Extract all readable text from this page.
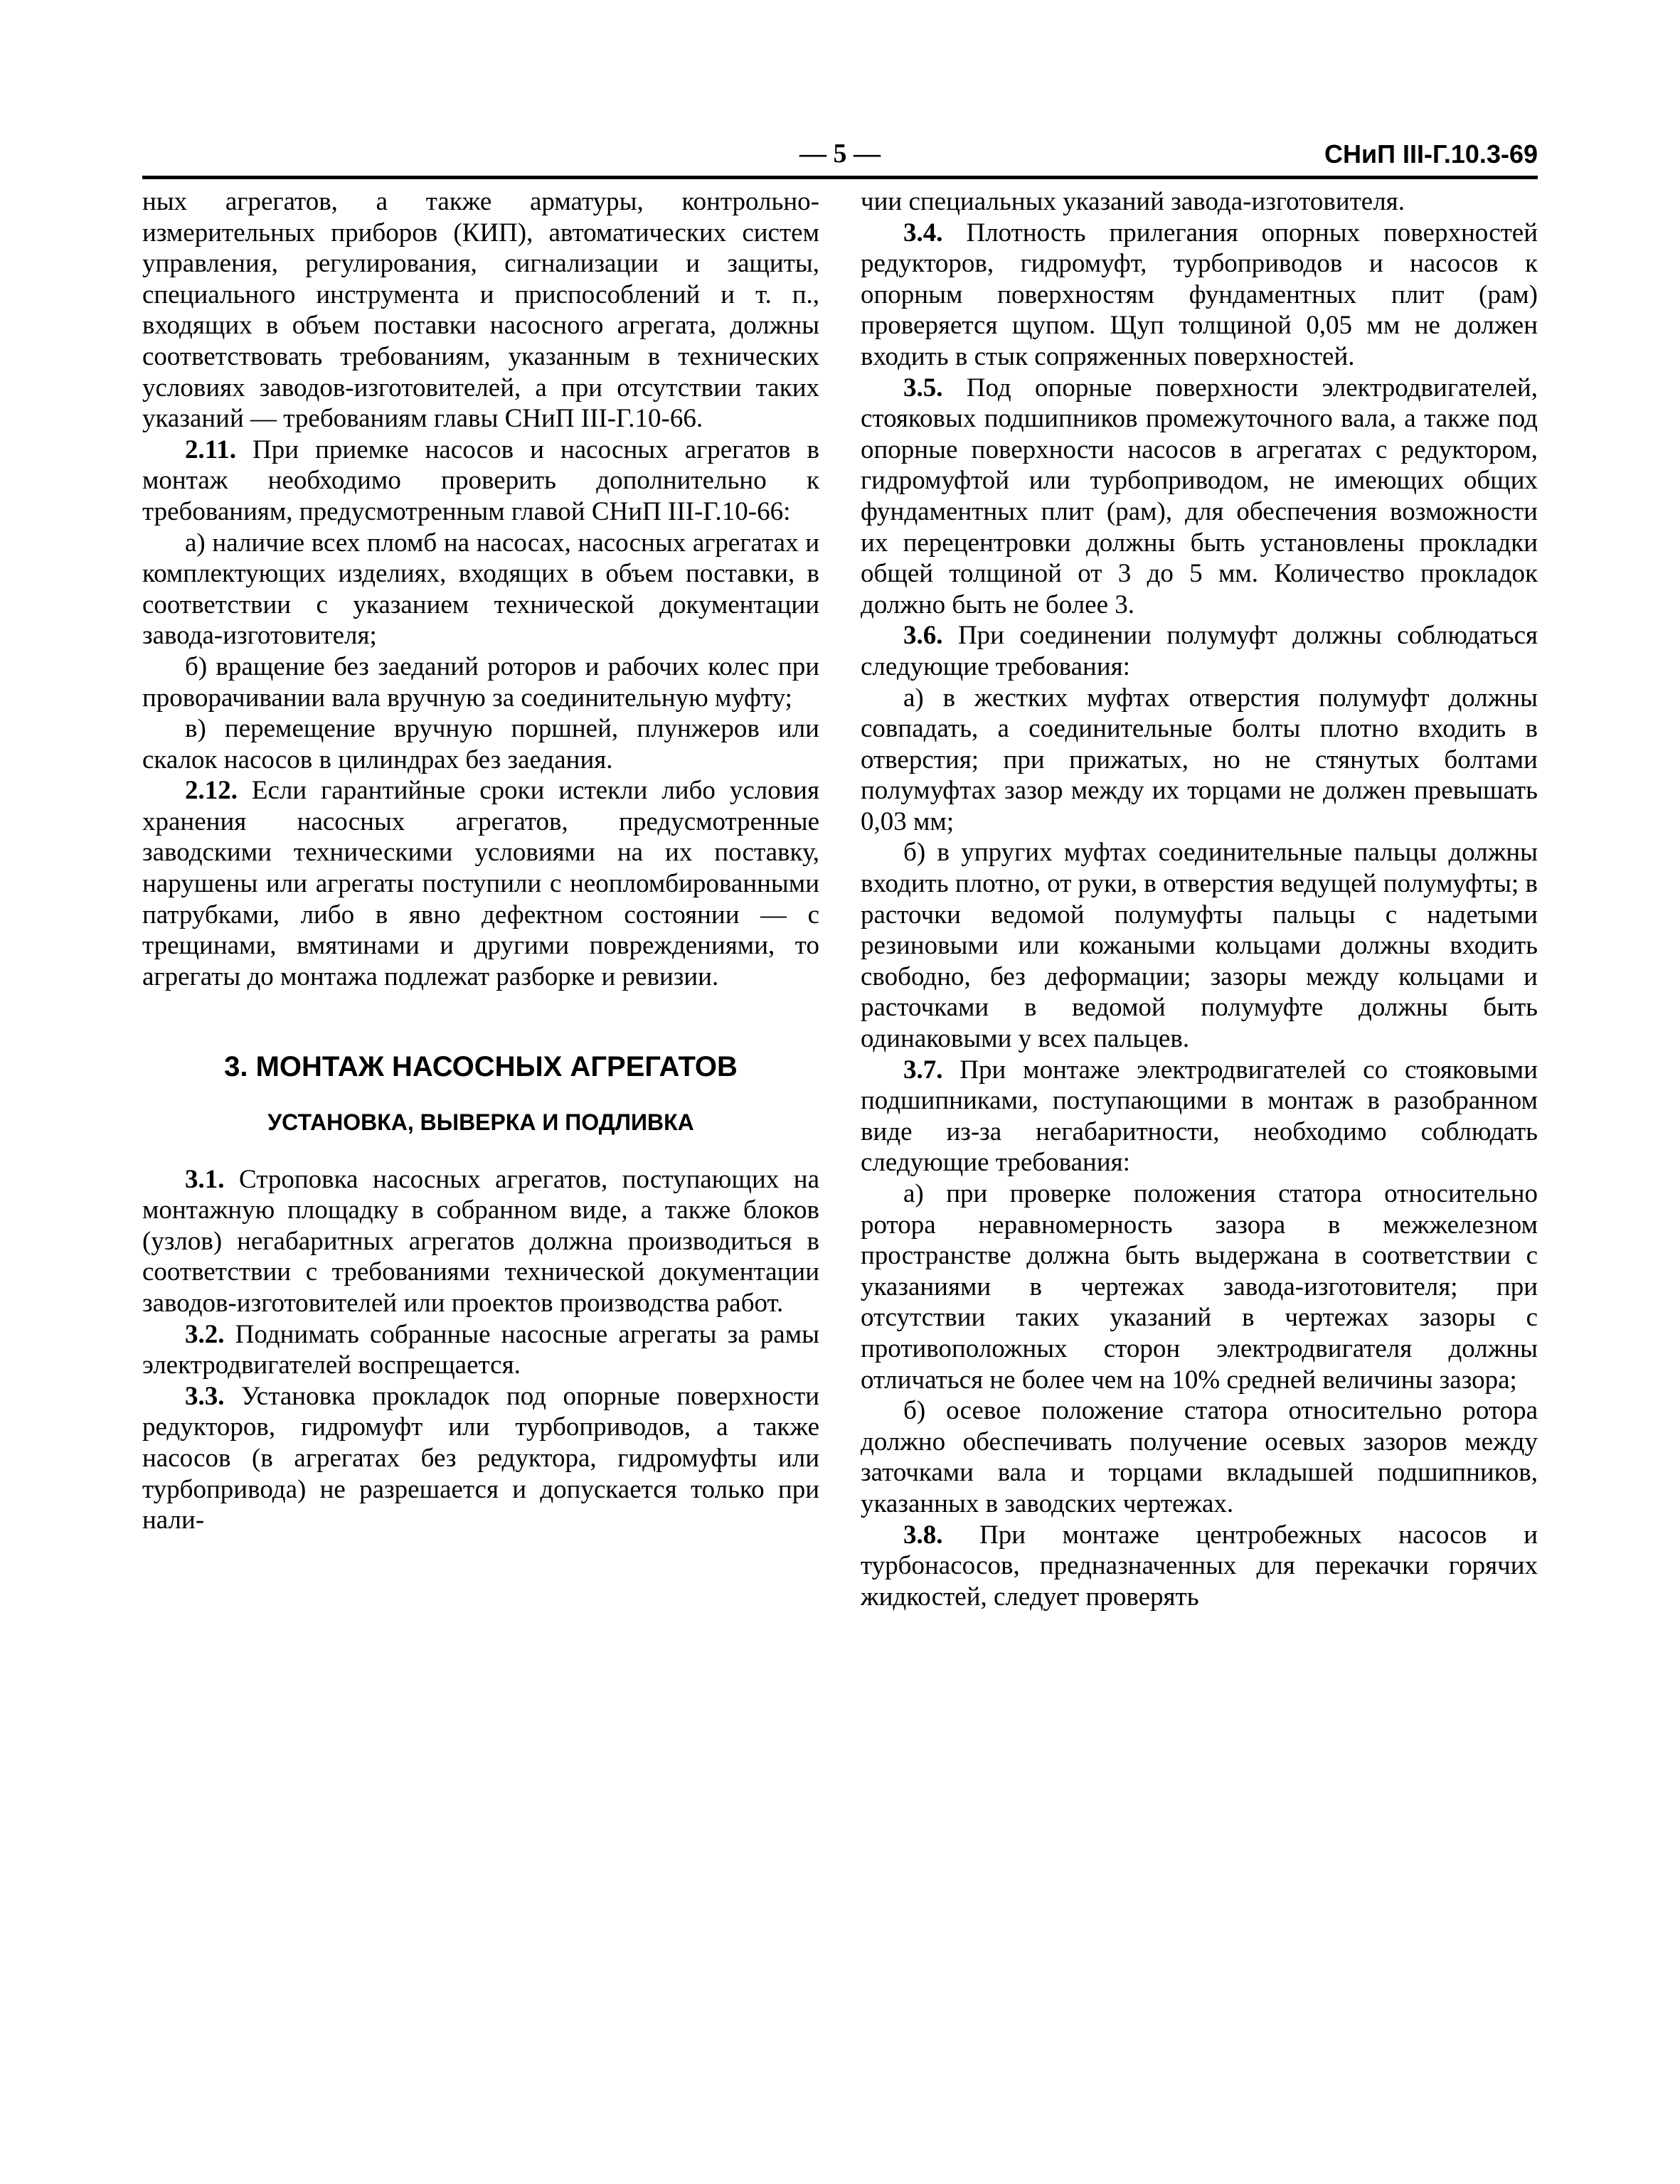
— 5 —	СНиП III-Г.10.3-69

ных агрегатов, а также арматуры, контрольно-измерительных приборов (КИП), автоматических систем управления, регулирования, сигнализации и защиты, специального инструмента и приспособлений и т. п., входящих в объем поставки насосного агрегата, должны соответствовать требованиям, указанным в технических условиях заводов-изготовителей, а при отсутствии таких указаний — требованиям главы СНиП III-Г.10-66.

2.11. При приемке насосов и насосных агрегатов в монтаж необходимо проверить дополнительно к требованиям, предусмотренным главой СНиП III-Г.10-66:

а) наличие всех пломб на насосах, насосных агрегатах и комплектующих изделиях, входящих в объем поставки, в соответствии с указанием технической документации завода-изготовителя;

б) вращение без заеданий роторов и рабочих колес при проворачивании вала вручную за соединительную муфту;

в) перемещение вручную поршней, плунжеров или скалок насосов в цилиндрах без заедания.

2.12. Если гарантийные сроки истекли либо условия хранения насосных агрегатов, предусмотренные заводскими техническими условиями на их поставку, нарушены или агрегаты поступили с неопломбированными патрубками, либо в явно дефектном состоянии — с трещинами, вмятинами и другими повреждениями, то агрегаты до монтажа подлежат разборке и ревизии.

3. МОНТАЖ НАСОСНЫХ АГРЕГАТОВ
УСТАНОВКА, ВЫВЕРКА И ПОДЛИВКА

3.1. Строповка насосных агрегатов, поступающих на монтажную площадку в собранном виде, а также блоков (узлов) негабаритных агрегатов должна производиться в соответствии с требованиями технической документации заводов-изготовителей или проектов производства работ.

3.2. Поднимать собранные насосные агрегаты за рамы электродвигателей воспрещается.

3.3. Установка прокладок под опорные поверхности редукторов, гидромуфт или турбоприводов, а также насосов (в агрегатах без редуктора, гидромуфты или турбопривода) не разрешается и допускается только при нали-

чии специальных указаний завода-изготовителя.

3.4. Плотность прилегания опорных поверхностей редукторов, гидромуфт, турбоприводов и насосов к опорным поверхностям фундаментных плит (рам) проверяется щупом. Щуп толщиной 0,05 мм не должен входить в стык сопряженных поверхностей.

3.5. Под опорные поверхности электродвигателей, стояковых подшипников промежуточного вала, а также под опорные поверхности насосов в агрегатах с редуктором, гидромуфтой или турбоприводом, не имеющих общих фундаментных плит (рам), для обеспечения возможности их перецентровки должны быть установлены прокладки общей толщиной от 3 до 5 мм. Количество прокладок должно быть не более 3.

3.6. При соединении полумуфт должны соблюдаться следующие требования:

а) в жестких муфтах отверстия полумуфт должны совпадать, а соединительные болты плотно входить в отверстия; при прижатых, но не стянутых болтами полумуфтах зазор между их торцами не должен превышать 0,03 мм;

б) в упругих муфтах соединительные пальцы должны входить плотно, от руки, в отверстия ведущей полумуфты; в расточки ведомой полумуфты пальцы с надетыми резиновыми или кожаными кольцами должны входить свободно, без деформации; зазоры между кольцами и расточками в ведомой полумуфте должны быть одинаковыми у всех пальцев.

3.7. При монтаже электродвигателей со стояковыми подшипниками, поступающими в монтаж в разобранном виде из-за негабаритности, необходимо соблюдать следующие требования:

а) при проверке положения статора относительно ротора неравномерность зазора в межжелезном пространстве должна быть выдержана в соответствии с указаниями в чертежах завода-изготовителя; при отсутствии таких указаний в чертежах зазоры с противоположных сторон электродвигателя должны отличаться не более чем на 10% средней величины зазора;

б) осевое положение статора относительно ротора должно обеспечивать получение осевых зазоров между заточками вала и торцами вкладышей подшипников, указанных в заводских чертежах.

3.8. При монтаже центробежных насосов и турбонасосов, предназначенных для перекачки горячих жидкостей, следует проверять
